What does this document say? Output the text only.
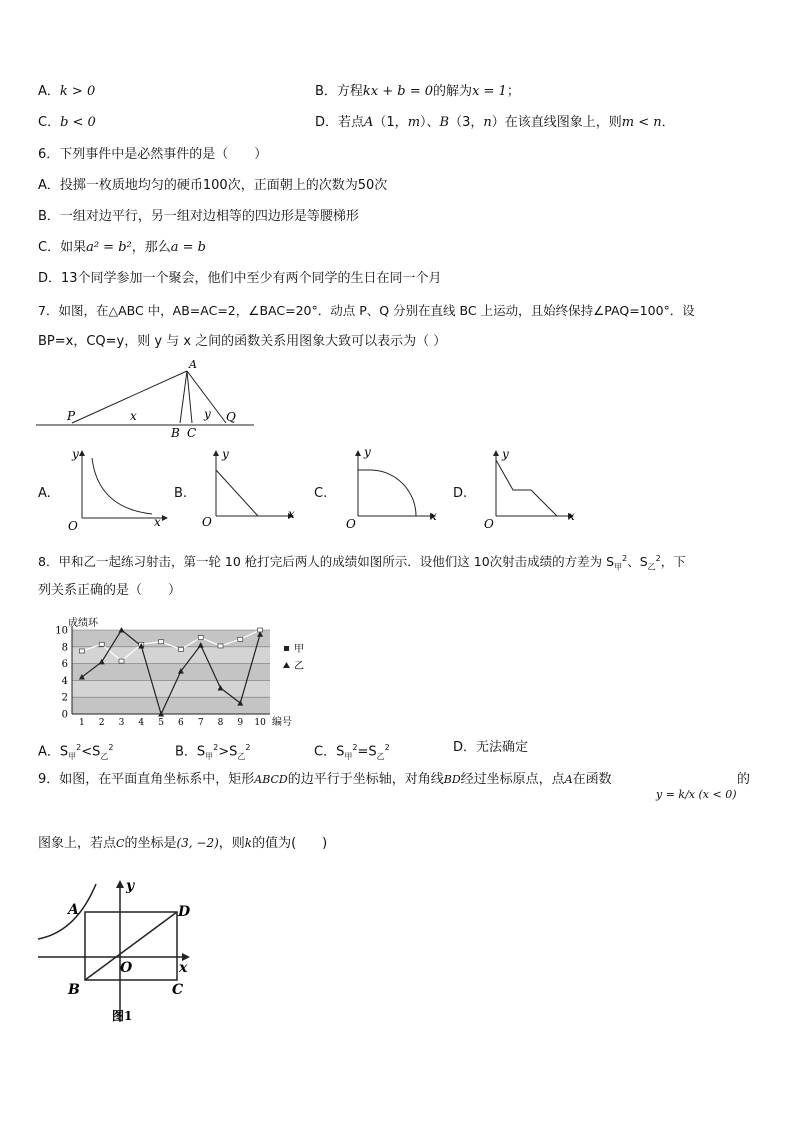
A．k > 0	B．方程kx + b = 0的解为x = 1；
C．b < 0	D．若点A（1，m）、B（3，n）在该直线图象上，则m < n．
6．下列事件中是必然事件的是（　　）
A．投掷一枚质地均匀的硬币100次，正面朝上的次数为50次
B．一组对边平行，另一组对边相等的四边形是等腰梯形
C．如果a² = b²，那么a = b
D．13个同学参加一个聚会，他们中至少有两个同学的生日在同一个月
7．如图，在△ABC 中，AB=AC=2，∠BAC=20°．动点 P、Q 分别在直线 BC 上运动，且始终保持∠PAQ=100°．设
BP=x，CQ=y，则 y 与 x 之间的函数关系用图象大致可以表示为（ ）
A
P	x
B C
y Q
A.
y
x
O
B.
y
x
O
C.
y
x
O
D.
y
x
O
8．甲和乙一起练习射击，第一轮 10 枪打完后两人的成绩如图所示．设他们这 10次射击成绩的方差为 $S_甲^2$、$S_乙^2$，下
列关系正确的是（　　）
0
2
4
6
8
10
1 2 3 4 5 6 7 8 9 10
成绩环
编号
甲
乙
A．$S_甲^2<S_乙^2$	B．$S_甲^2>S_乙^2$	C．$S_甲^2=S_乙^2$	D．无法确定
9．如图，在平面直角坐标系中，矩形ABCD的边平行于坐标轴，对角线BD经过坐标原点，点A在函数
y = k/x (x < 0)
的
图象上，若点C的坐标是(3, −2)，则k的值为(　　)
A	D
B	C
O	x
y
图1
